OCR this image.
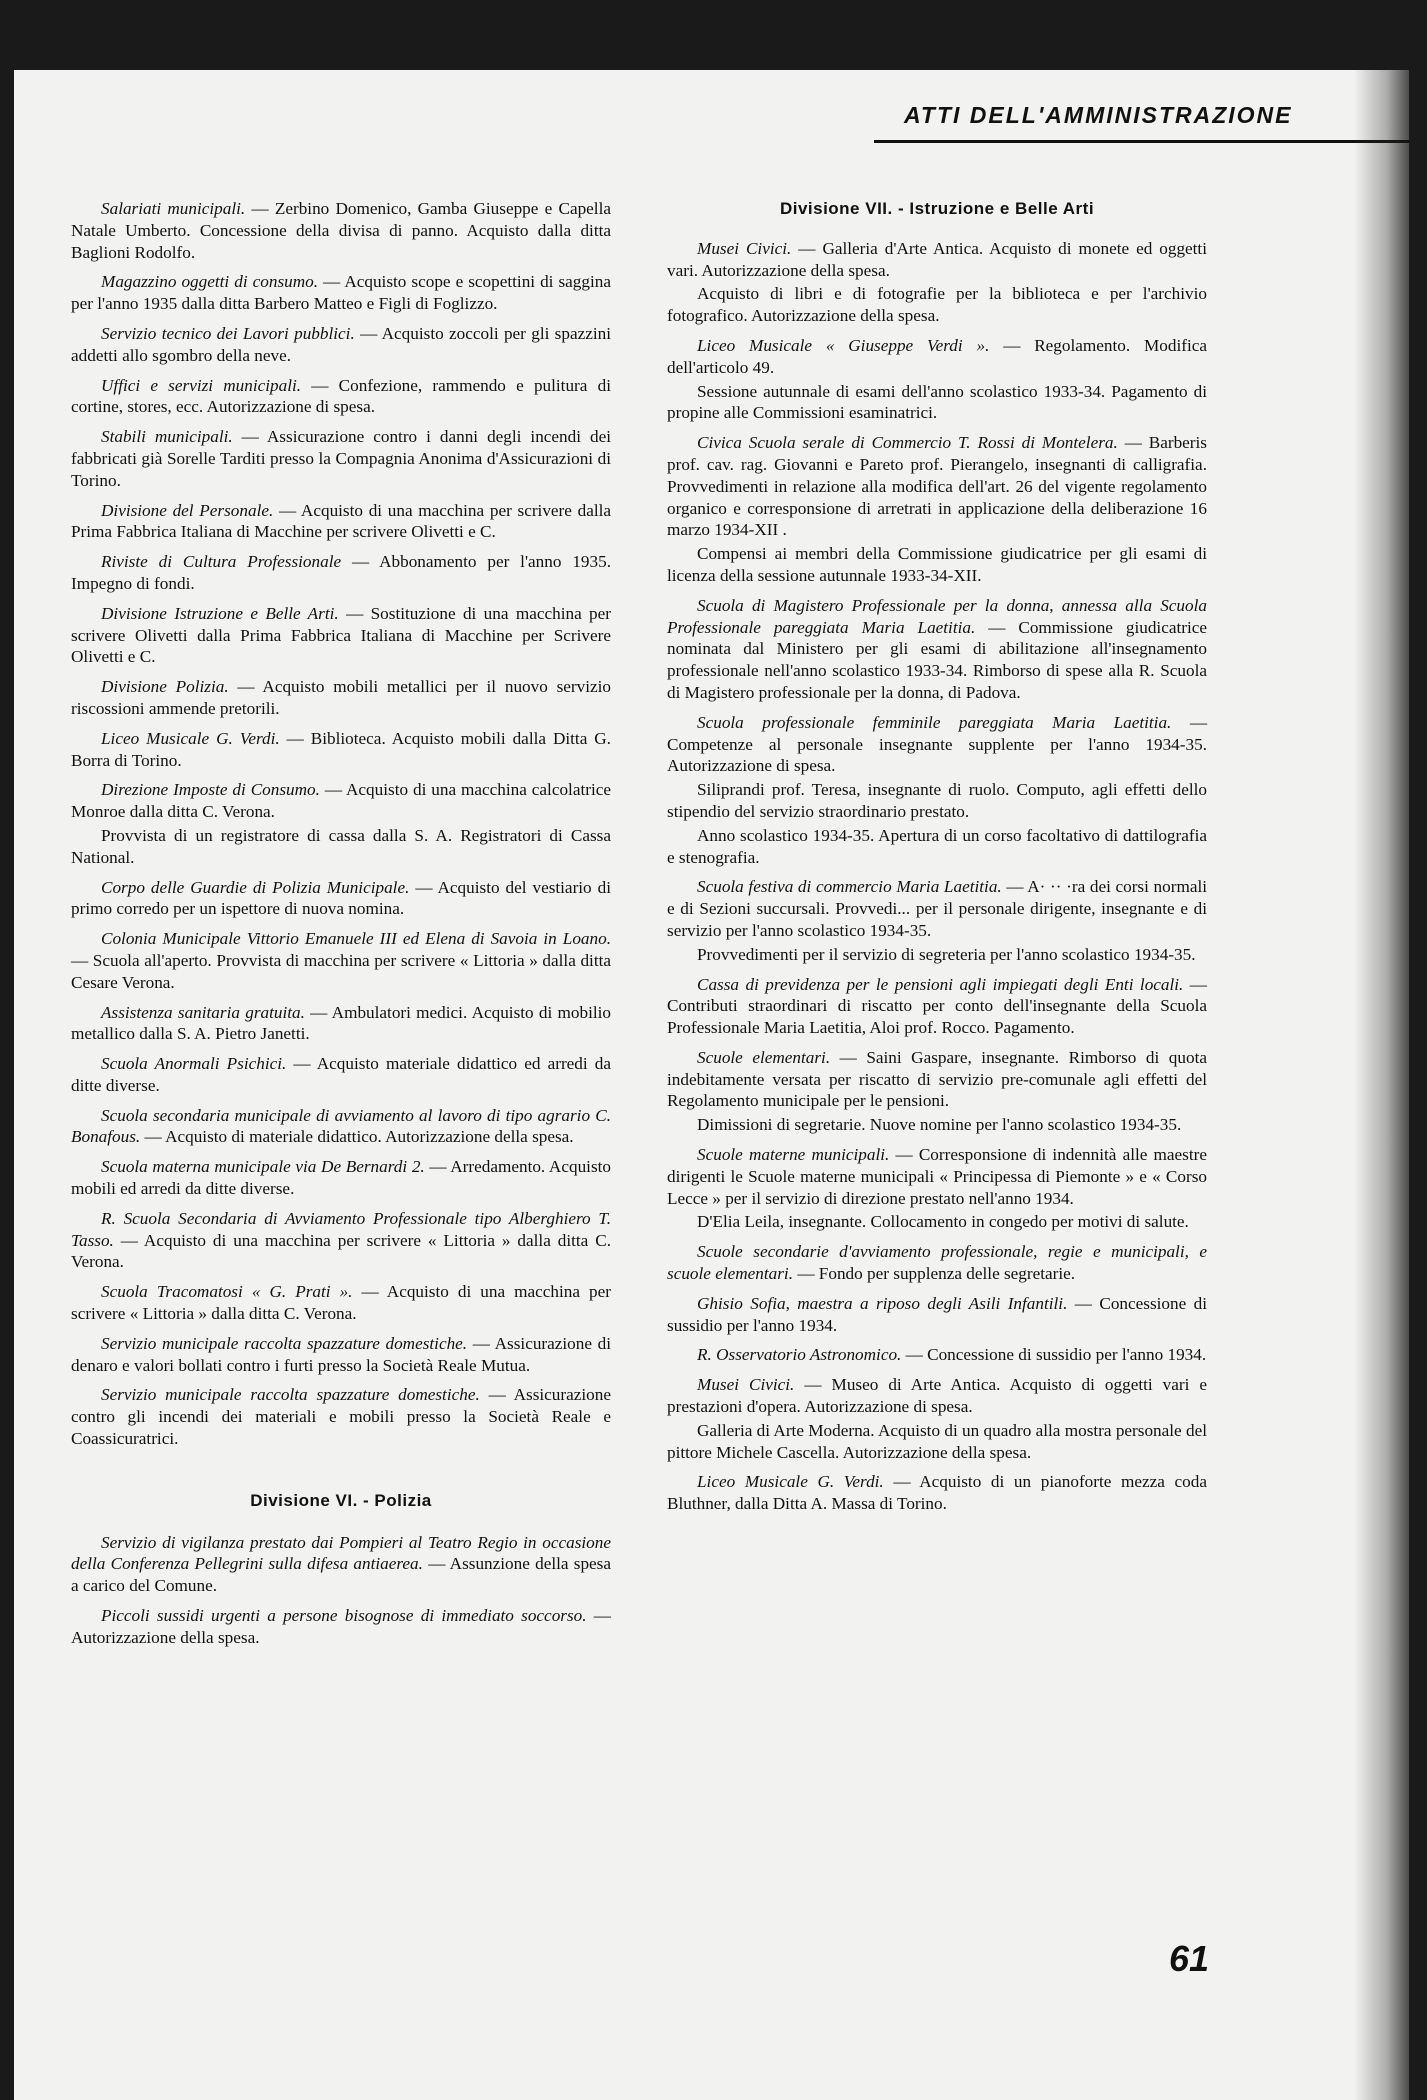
ATTI DELL'AMMINISTRAZIONE

Salariati municipali. — Zerbino Domenico, Gamba Giuseppe e Capella Natale Umberto. Concessione della divisa di panno. Acquisto dalla ditta Baglioni Rodolfo.

Magazzino oggetti di consumo. — Acquisto scope e scopettini di saggina per l'anno 1935 dalla ditta Barbero Matteo e Figli di Foglizzo.

Servizio tecnico dei Lavori pubblici. — Acquisto zoccoli per gli spazzini addetti allo sgombro della neve.

Uffici e servizi municipali. — Confezione, rammendo e pulitura di cortine, stores, ecc. Autorizzazione di spesa.

Stabili municipali. — Assicurazione contro i danni degli incendi dei fabbricati già Sorelle Tarditi presso la Compagnia Anonima d'Assicurazioni di Torino.

Divisione del Personale. — Acquisto di una macchina per scrivere dalla Prima Fabbrica Italiana di Macchine per scrivere Olivetti e C.

Riviste di Cultura Professionale — Abbonamento per l'anno 1935. Impegno di fondi.

Divisione Istruzione e Belle Arti. — Sostituzione di una macchina per scrivere Olivetti dalla Prima Fabbrica Italiana di Macchine per Scrivere Olivetti e C.

Divisione Polizia. — Acquisto mobili metallici per il nuovo servizio riscossioni ammende pretorili.

Liceo Musicale G. Verdi. — Biblioteca. Acquisto mobili dalla Ditta G. Borra di Torino.

Direzione Imposte di Consumo. — Acquisto di una macchina calcolatrice Monroe dalla ditta C. Verona.

Provvista di un registratore di cassa dalla S. A. Registratori di Cassa National.

Corpo delle Guardie di Polizia Municipale. — Acquisto del vestiario di primo corredo per un ispettore di nuova nomina.

Colonia Municipale Vittorio Emanuele III ed Elena di Savoia in Loano. — Scuola all'aperto. Provvista di macchina per scrivere « Littoria » dalla ditta Cesare Verona.

Assistenza sanitaria gratuita. — Ambulatori medici. Acquisto di mobilio metallico dalla S. A. Pietro Janetti.

Scuola Anormali Psichici. — Acquisto materiale didattico ed arredi da ditte diverse.

Scuola secondaria municipale di avviamento al lavoro di tipo agrario C. Bonafous. — Acquisto di materiale didattico. Autorizzazione della spesa.

Scuola materna municipale via De Bernardi 2. — Arredamento. Acquisto mobili ed arredi da ditte diverse.

R. Scuola Secondaria di Avviamento Professionale tipo Alberghiero T. Tasso. — Acquisto di una macchina per scrivere « Littoria » dalla ditta C. Verona.

Scuola Tracomatosi « G. Prati ». — Acquisto di una macchina per scrivere « Littoria » dalla ditta C. Verona.

Servizio municipale raccolta spazzature domestiche. — Assicurazione di denaro e valori bollati contro i furti presso la Società Reale Mutua.

Servizio municipale raccolta spazzature domestiche. — Assicurazione contro gli incendi dei materiali e mobili presso la Società Reale e Coassicuratrici.

Divisione VI. - Polizia

Servizio di vigilanza prestato dai Pompieri al Teatro Regio in occasione della Conferenza Pellegrini sulla difesa antiaerea. — Assunzione della spesa a carico del Comune.

Piccoli sussidi urgenti a persone bisognose di immediato soccorso. — Autorizzazione della spesa.

Divisione VII. - Istruzione e Belle Arti

Musei Civici. — Galleria d'Arte Antica. Acquisto di monete ed oggetti vari. Autorizzazione della spesa.

Acquisto di libri e di fotografie per la biblioteca e per l'archivio fotografico. Autorizzazione della spesa.

Liceo Musicale « Giuseppe Verdi ». — Regolamento. Modifica dell'articolo 49.

Sessione autunnale di esami dell'anno scolastico 1933-34. Pagamento di propine alle Commissioni esaminatrici.

Civica Scuola serale di Commercio T. Rossi di Montelera. — Barberis prof. cav. rag. Giovanni e Pareto prof. Pierangelo, insegnanti di calligrafia. Provvedimenti in relazione alla modifica dell'art. 26 del vigente regolamento organico e corresponsione di arretrati in applicazione della deliberazione 16 marzo 1934-XII .

Compensi ai membri della Commissione giudicatrice per gli esami di licenza della sessione autunnale 1933-34-XII.

Scuola di Magistero Professionale per la donna, annessa alla Scuola Professionale pareggiata Maria Laetitia. — Commissione giudicatrice nominata dal Ministero per gli esami di abilitazione all'insegnamento professionale nell'anno scolastico 1933-34. Rimborso di spese alla R. Scuola di Magistero professionale per la donna, di Padova.

Scuola professionale femminile pareggiata Maria Laetitia. — Competenze al personale insegnante supplente per l'anno 1934-35. Autorizzazione di spesa.

Siliprandi prof. Teresa, insegnante di ruolo. Computo, agli effetti dello stipendio del servizio straordinario prestato.

Anno scolastico 1934-35. Apertura di un corso facoltativo di dattilografia e stenografia.

Scuola festiva di commercio Maria Laetitia. — A· ·· ·ra dei corsi normali e di Sezioni succursali. Provvedi... per il personale dirigente, insegnante e di servizio per l'anno scolastico 1934-35.

Provvedimenti per il servizio di segreteria per l'anno scolastico 1934-35.

Cassa di previdenza per le pensioni agli impiegati degli Enti locali. — Contributi straordinari di riscatto per conto dell'insegnante della Scuola Professionale Maria Laetitia, Aloi prof. Rocco. Pagamento.

Scuole elementari. — Saini Gaspare, insegnante. Rimborso di quota indebitamente versata per riscatto di servizio pre-comunale agli effetti del Regolamento municipale per le pensioni.

Dimissioni di segretarie. Nuove nomine per l'anno scolastico 1934-35.

Scuole materne municipali. — Corresponsione di indennità alle maestre dirigenti le Scuole materne municipali « Principessa di Piemonte » e « Corso Lecce » per il servizio di direzione prestato nell'anno 1934.

D'Elia Leila, insegnante. Collocamento in congedo per motivi di salute.

Scuole secondarie d'avviamento professionale, regie e municipali, e scuole elementari. — Fondo per supplenza delle segretarie.

Ghisio Sofia, maestra a riposo degli Asili Infantili. — Concessione di sussidio per l'anno 1934.

R. Osservatorio Astronomico. — Concessione di sussidio per l'anno 1934.

Musei Civici. — Museo di Arte Antica. Acquisto di oggetti vari e prestazioni d'opera. Autorizzazione di spesa.

Galleria di Arte Moderna. Acquisto di un quadro alla mostra personale del pittore Michele Cascella. Autorizzazione della spesa.

Liceo Musicale G. Verdi. — Acquisto di un pianoforte mezza coda Bluthner, dalla Ditta A. Massa di Torino.

61
